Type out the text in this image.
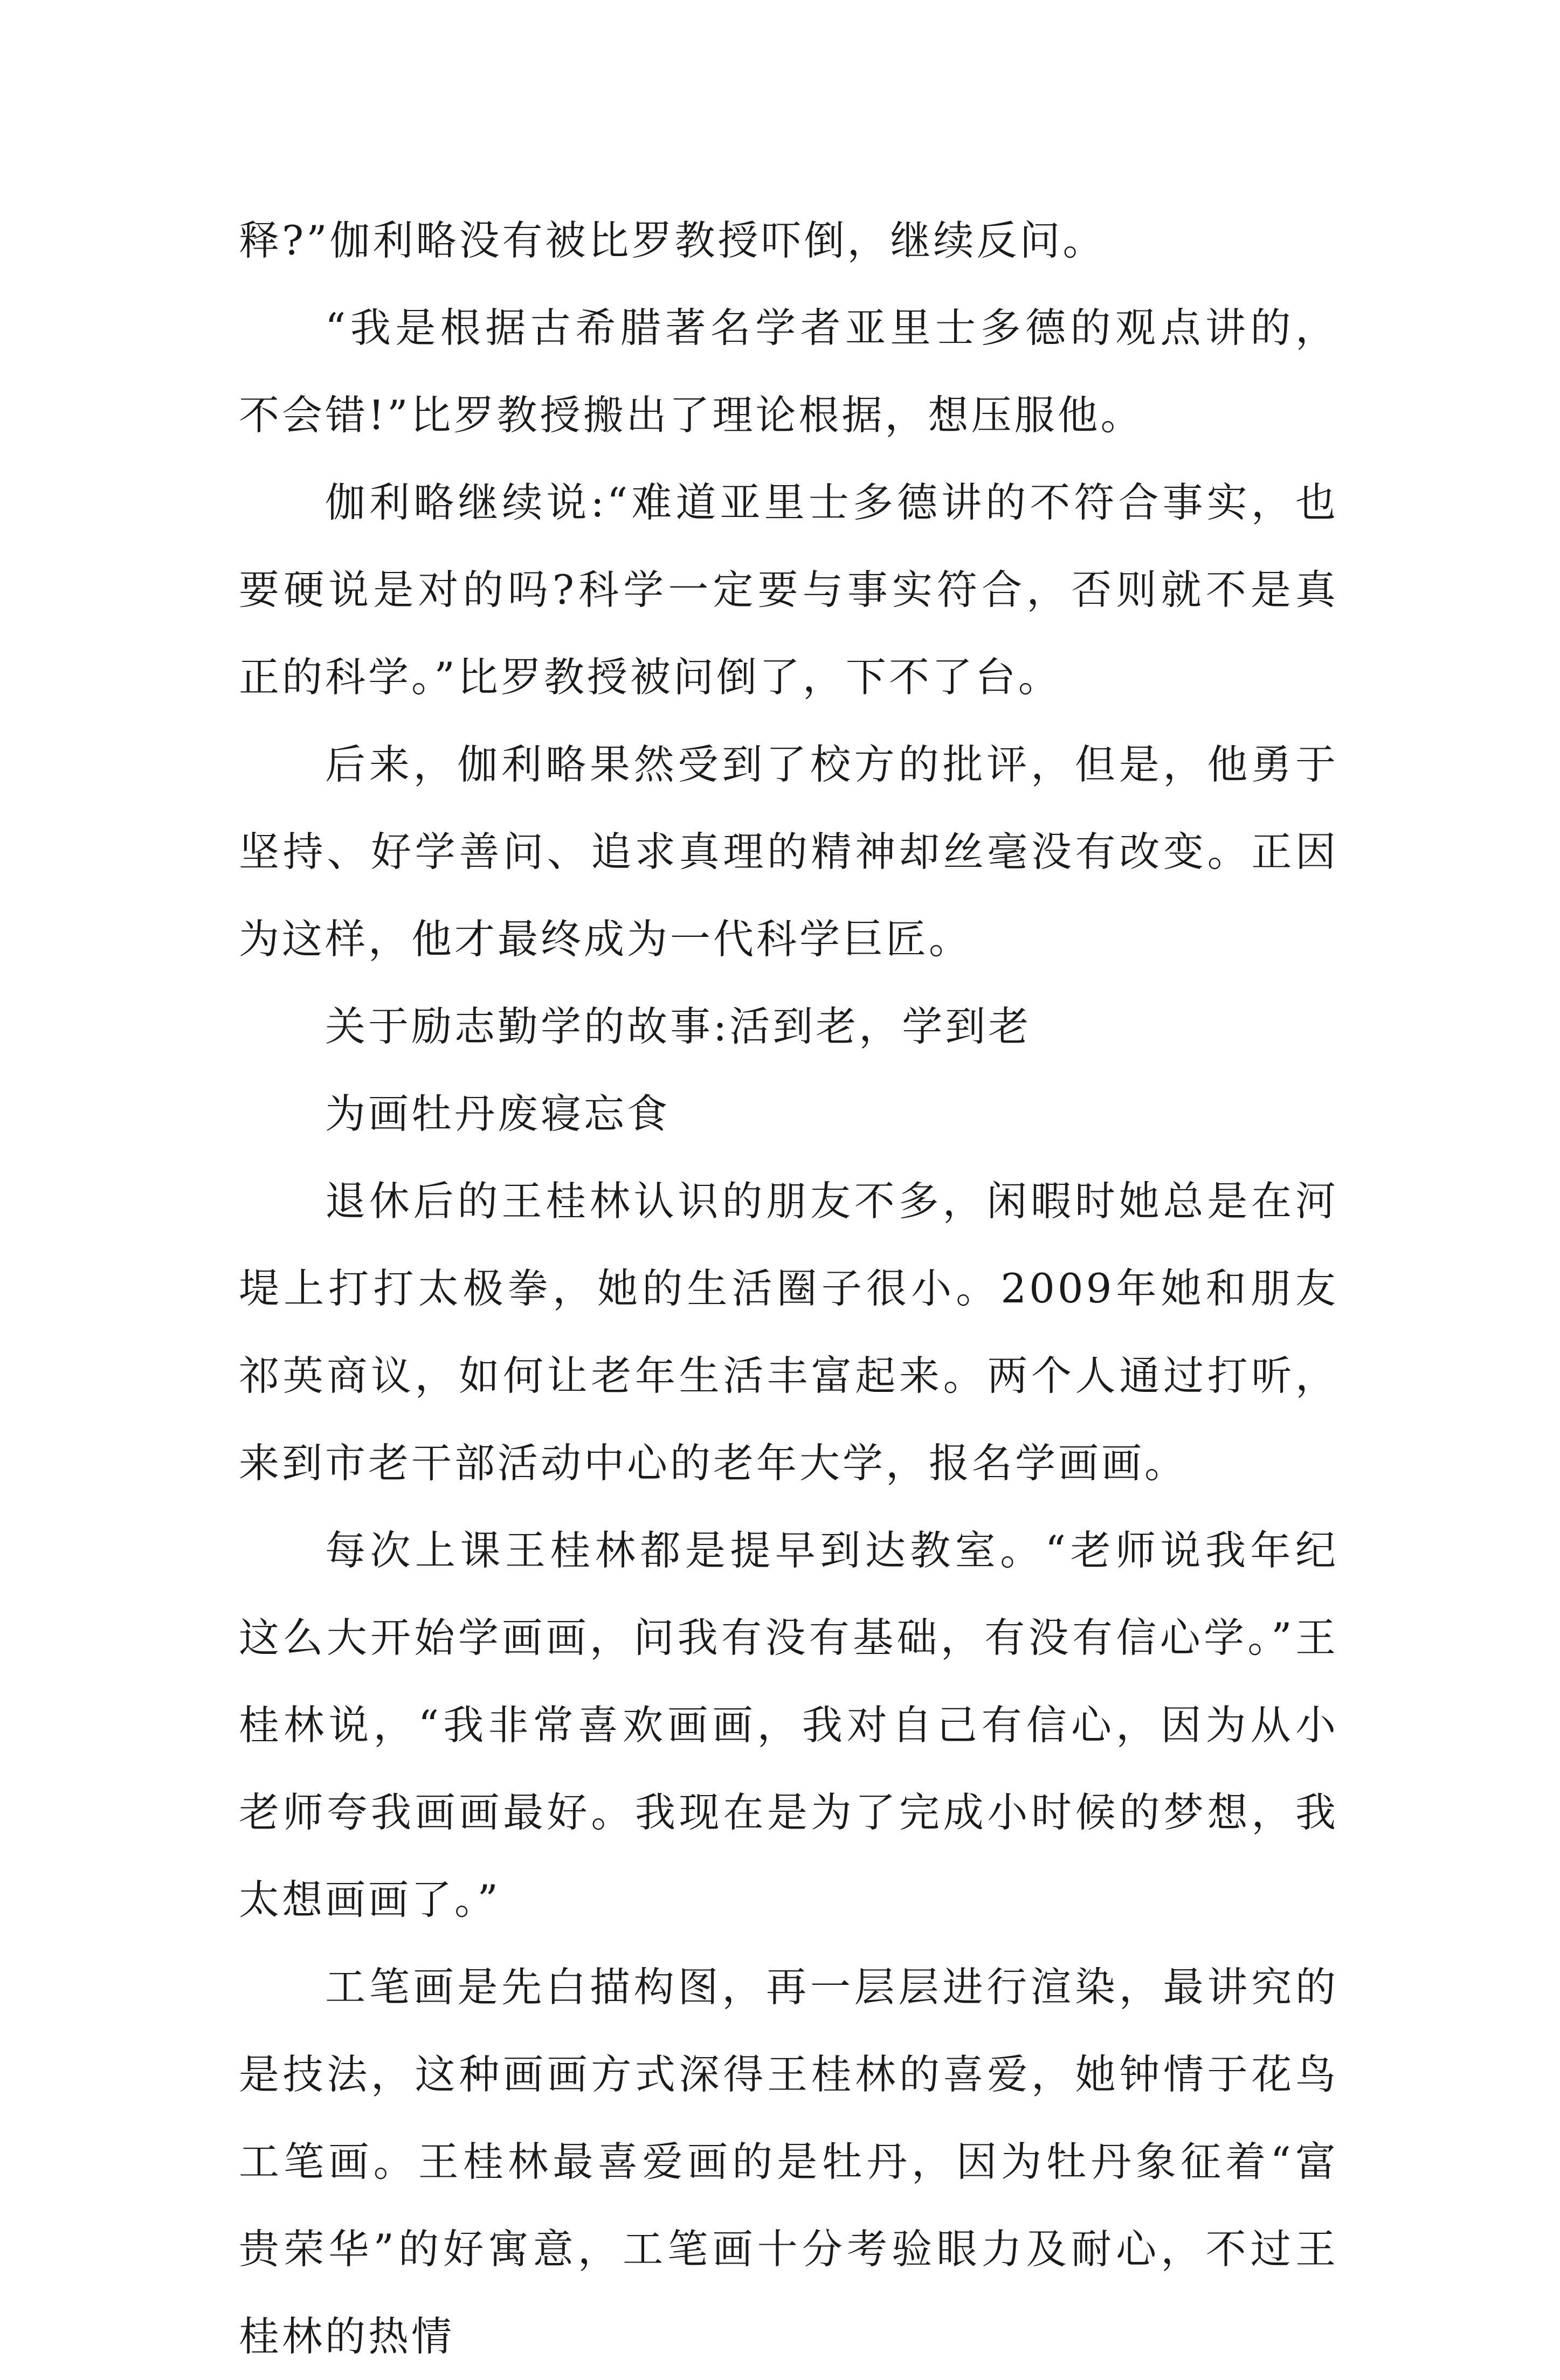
释?”伽利略没有被比罗教授吓倒，继续反问。

“我是根据古希腊著名学者亚里士多德的观点讲的，不会错!”比罗教授搬出了理论根据，想压服他。

伽利略继续说:“难道亚里士多德讲的不符合事实，也要硬说是对的吗?科学一定要与事实符合，否则就不是真正的科学。”比罗教授被问倒了，下不了台。

后来，伽利略果然受到了校方的批评，但是，他勇于坚持、好学善问、追求真理的精神却丝毫没有改变。正因为这样，他才最终成为一代科学巨匠。

关于励志勤学的故事:活到老，学到老

为画牡丹废寝忘食

退休后的王桂林认识的朋友不多，闲暇时她总是在河堤上打打太极拳，她的生活圈子很小。2009年她和朋友祁英商议，如何让老年生活丰富起来。两个人通过打听，来到市老干部活动中心的老年大学，报名学画画。

每次上课王桂林都是提早到达教室。“老师说我年纪这么大开始学画画，问我有没有基础，有没有信心学。”王桂林说，“我非常喜欢画画，我对自己有信心，因为从小老师夸我画画最好。我现在是为了完成小时候的梦想，我太想画画了。”

工笔画是先白描构图，再一层层进行渲染，最讲究的是技法，这种画画方式深得王桂林的喜爱，她钟情于花鸟工笔画。王桂林最喜爱画的是牡丹，因为牡丹象征着“富贵荣华”的好寓意，工笔画十分考验眼力及耐心，不过王桂林的热情
